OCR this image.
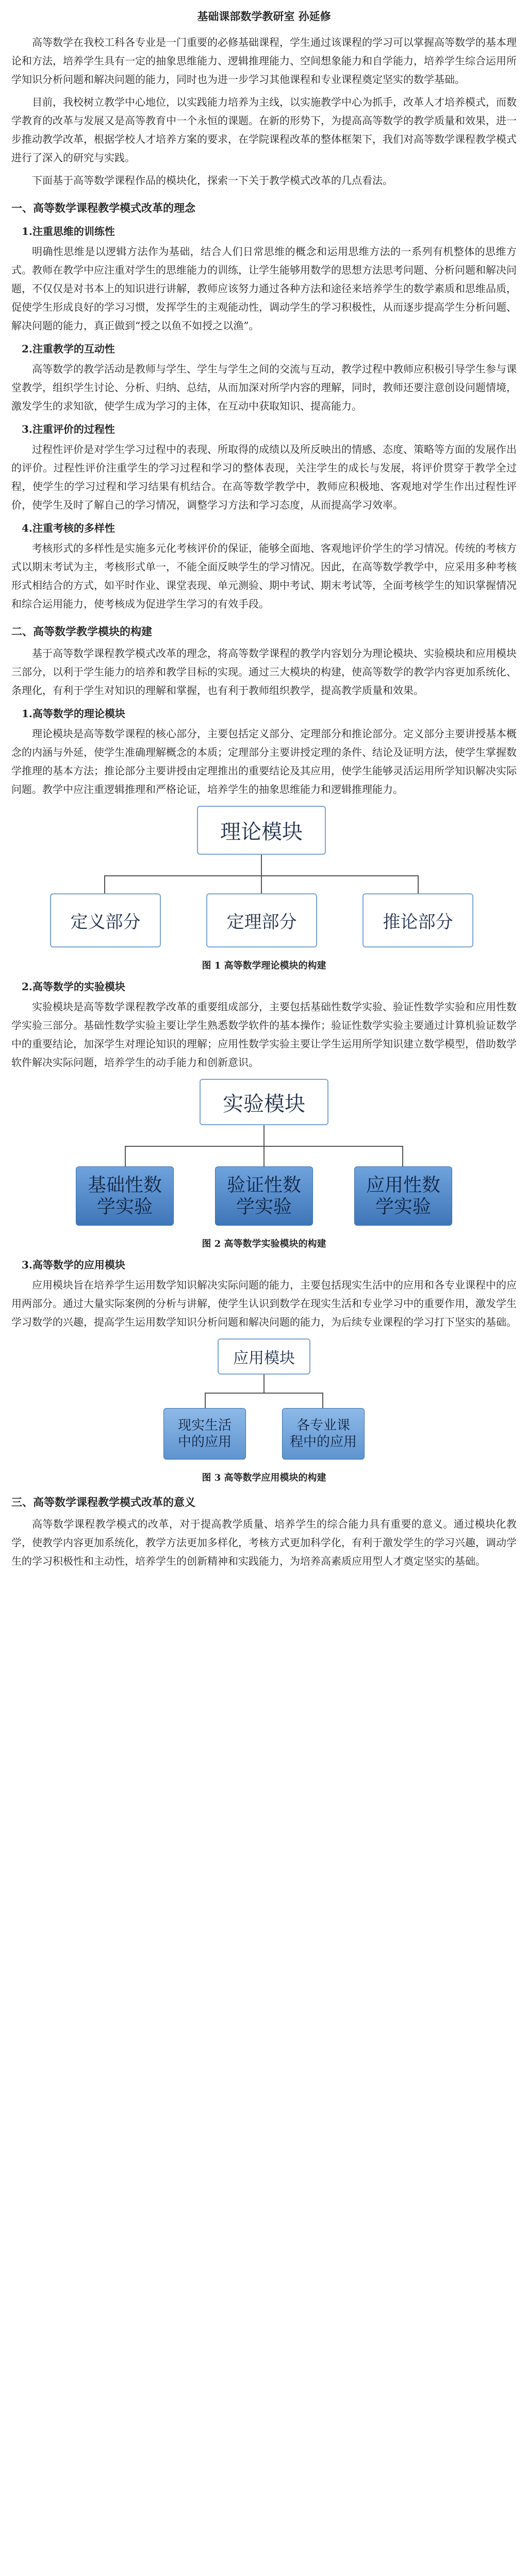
基础课部数学教研室 孙延修

高等数学在我校工科各专业是一门重要的必修基础课程，学生通过该课程的学习可以掌握高等数学的基本理论和方法，培养学生具有一定的抽象思维能力、逻辑推理能力、空间想象能力和自学能力，培养学生综合运用所学知识分析问题和解决问题的能力，同时也为进一步学习其他课程和专业课程奠定坚实的数学基础。

目前，我校树立教学中心地位，以实践能力培养为主线，以实施教学中心为抓手，改革人才培养模式，而数学教育的改革与发展又是高等教育中一个永恒的课题。在新的形势下，为提高高等数学的教学质量和效果，进一步推动教学改革，根据学校人才培养方案的要求，在学院课程改革的整体框架下，我们对高等数学课程教学模式进行了深入的研究与实践。

下面基于高等数学课程作品的模块化，探索一下关于教学模式改革的几点看法。

一、高等数学课程教学模式改革的理念
1.注重思维的训练性

明确性思维是以逻辑方法作为基础，结合人们日常思维的概念和运用思维方法的一系列有机整体的思维方式。教师在教学中应注重对学生的思维能力的训练，让学生能够用数学的思想方法思考问题、分析问题和解决问题，不仅仅是对书本上的知识进行讲解，教师应该努力通过各种方法和途径来培养学生的数学素质和思维品质，促使学生形成良好的学习习惯，发挥学生的主观能动性，调动学生的学习积极性，从而逐步提高学生分析问题、解决问题的能力，真正做到“授之以鱼不如授之以渔”。

2.注重教学的互动性

高等数学的教学活动是教师与学生、学生与学生之间的交流与互动，教学过程中教师应积极引导学生参与课堂教学，组织学生讨论、分析、归纳、总结，从而加深对所学内容的理解，同时，教师还要注意创设问题情境，激发学生的求知欲，使学生成为学习的主体，在互动中获取知识、提高能力。

3.注重评价的过程性

过程性评价是对学生学习过程中的表现、所取得的成绩以及所反映出的情感、态度、策略等方面的发展作出的评价。过程性评价注重学生的学习过程和学习的整体表现，关注学生的成长与发展，将评价贯穿于教学全过程，使学生的学习过程和学习结果有机结合。在高等数学教学中，教师应积极地、客观地对学生作出过程性评价，使学生及时了解自己的学习情况，调整学习方法和学习态度，从而提高学习效率。

4.注重考核的多样性

考核形式的多样性是实施多元化考核评价的保证，能够全面地、客观地评价学生的学习情况。传统的考核方式以期末考试为主，考核形式单一，不能全面反映学生的学习情况。因此，在高等数学教学中，应采用多种考核形式相结合的方式，如平时作业、课堂表现、单元测验、期中考试、期末考试等，全面考核学生的知识掌握情况和综合运用能力，使考核成为促进学生学习的有效手段。

二、高等数学教学模块的构建

基于高等数学课程教学模式改革的理念，将高等数学课程的教学内容划分为理论模块、实验模块和应用模块三部分，以利于学生能力的培养和教学目标的实现。通过三大模块的构建，使高等数学的教学内容更加系统化、条理化，有利于学生对知识的理解和掌握，也有利于教师组织教学，提高教学质量和效果。

1.高等数学的理论模块

理论模块是高等数学课程的核心部分，主要包括定义部分、定理部分和推论部分。定义部分主要讲授基本概念的内涵与外延，使学生准确理解概念的本质；定理部分主要讲授定理的条件、结论及证明方法，使学生掌握数学推理的基本方法；推论部分主要讲授由定理推出的重要结论及其应用，使学生能够灵活运用所学知识解决实际问题。教学中应注重逻辑推理和严格论证，培养学生的抽象思维能力和逻辑推理能力。

理论模块
定义部分	定理部分	推论部分
图 1 高等数学理论模块的构建
2.高等数学的实验模块

实验模块是高等数学课程教学改革的重要组成部分，主要包括基础性数学实验、验证性数学实验和应用性数学实验三部分。基础性数学实验主要让学生熟悉数学软件的基本操作；验证性数学实验主要通过计算机验证数学中的重要结论，加深学生对理论知识的理解；应用性数学实验主要让学生运用所学知识建立数学模型，借助数学软件解决实际问题，培养学生的动手能力和创新意识。

实验模块
基础性数
学实验
验证性数
学实验
应用性数
学实验
图 2 高等数学实验模块的构建
3.高等数学的应用模块

应用模块旨在培养学生运用数学知识解决实际问题的能力，主要包括现实生活中的应用和各专业课程中的应用两部分。通过大量实际案例的分析与讲解，使学生认识到数学在现实生活和专业学习中的重要作用，激发学生学习数学的兴趣，提高学生运用数学知识分析问题和解决问题的能力，为后续专业课程的学习打下坚实的基础。

应用模块
现实生活
中的应用
各专业课
程中的应用
图 3 高等数学应用模块的构建
三、高等数学课程教学模式改革的意义

高等数学课程教学模式的改革，对于提高教学质量、培养学生的综合能力具有重要的意义。通过模块化教学，使教学内容更加系统化，教学方法更加多样化，考核方式更加科学化，有利于激发学生的学习兴趣，调动学生的学习积极性和主动性，培养学生的创新精神和实践能力，为培养高素质应用型人才奠定坚实的基础。
